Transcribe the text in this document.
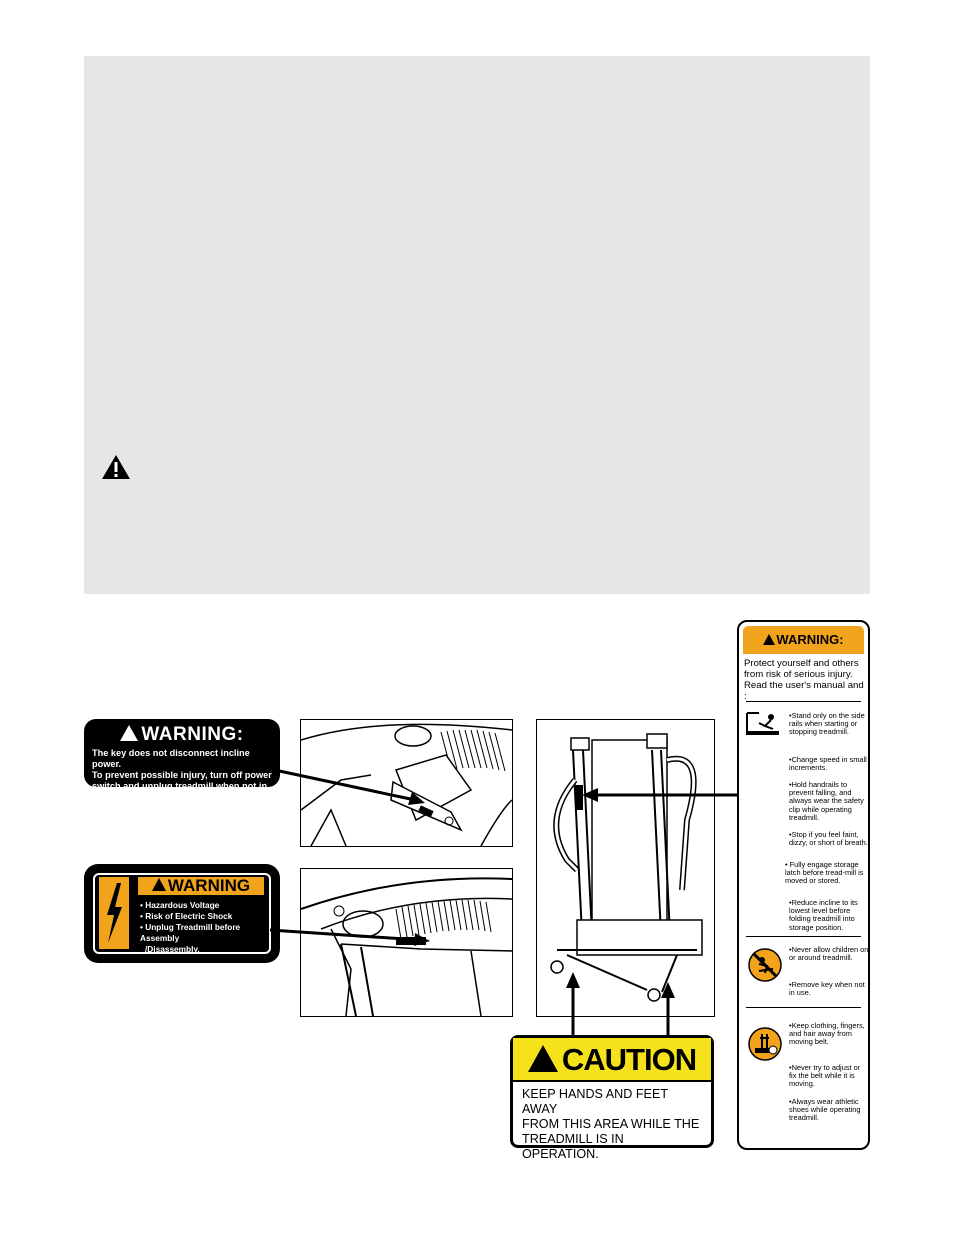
WARNING:
The key does not disconnect incline power.
To prevent possible injury, turn off power
switch and unplug treadmill when not in use.
WARNING
• Hazardous Voltage
• Risk of Electric Shock
• Unplug Treadmill before Assembly
/Disassembly.
CAUTION
KEEP HANDS AND FEET AWAY
FROM THIS AREA WHILE THE
TREADMILL IS IN OPERATION.
WARNING:
Protect yourself and others from risk of serious injury. Read the user's manual and :
•Stand only on the side rails when starting or stopping treadmill.
•Change speed in small increments.
•Hold handrails to prevent falling, and always wear the safety clip while operating treadmill.
•Stop if you feel faint, dizzy, or short of breath.
• Fully engage storage latch before tread-mill is moved or stored.
•Reduce incline to its lowest level before folding treadmill into storage position.
•Never allow children on or around treadmill.
•Remove key when not in use.
•Keep clothing, fingers, and hair away from moving belt.
•Never try to adjust or fix the belt while it is moving.
•Always wear athletic shoes while operating treadmill.
